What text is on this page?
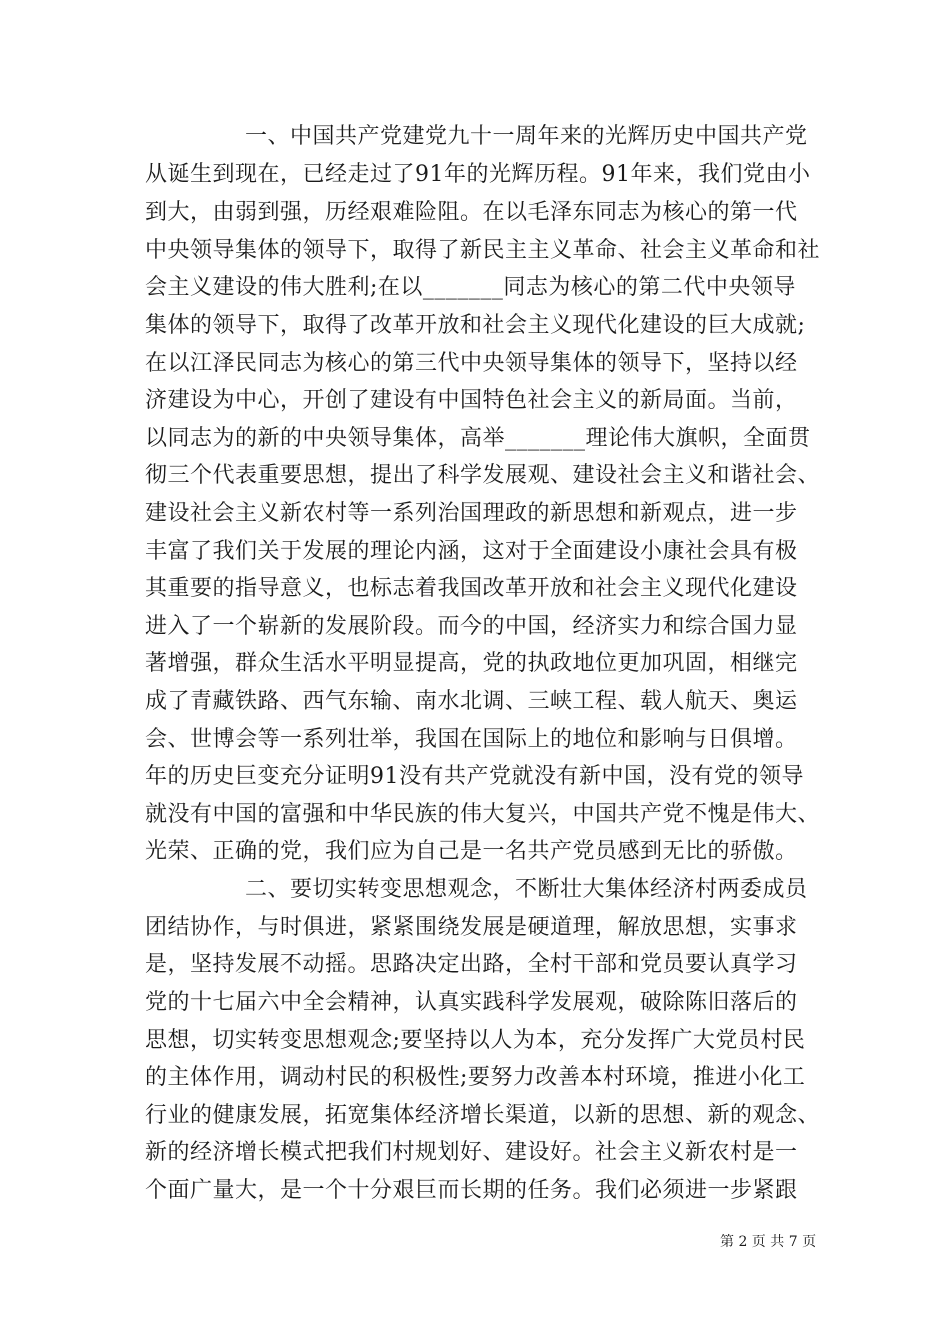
一、中国共产党建党九十一周年来的光辉历史中国共产党
从诞生到现在，已经走过了91年的光辉历程。91年来，我们党由小
到大，由弱到强，历经艰难险阻。在以毛泽东同志为核心的第一代
中央领导集体的领导下，取得了新民主主义革命、社会主义革命和社
会主义建设的伟大胜利;在以_______同志为核心的第二代中央领导
集体的领导下，取得了改革开放和社会主义现代化建设的巨大成就;
在以江泽民同志为核心的第三代中央领导集体的领导下，坚持以经
济建设为中心，开创了建设有中国特色社会主义的新局面。当前，
以同志为的新的中央领导集体，高举_______理论伟大旗帜，全面贯
彻三个代表重要思想，提出了科学发展观、建设社会主义和谐社会、
建设社会主义新农村等一系列治国理政的新思想和新观点，进一步
丰富了我们关于发展的理论内涵，这对于全面建设小康社会具有极
其重要的指导意义，也标志着我国改革开放和社会主义现代化建设
进入了一个崭新的发展阶段。而今的中国，经济实力和综合国力显
著增强，群众生活水平明显提高，党的执政地位更加巩固，相继完
成了青藏铁路、西气东输、南水北调、三峡工程、载人航天、奥运
会、世博会等一系列壮举，我国在国际上的地位和影响与日俱增。
年的历史巨变充分证明91没有共产党就没有新中国，没有党的领导
就没有中国的富强和中华民族的伟大复兴，中国共产党不愧是伟大、
光荣、正确的党，我们应为自己是一名共产党员感到无比的骄傲。
二、要切实转变思想观念，不断壮大集体经济村两委成员
团结协作，与时俱进，紧紧围绕发展是硬道理，解放思想，实事求
是，坚持发展不动摇。思路决定出路，全村干部和党员要认真学习
党的十七届六中全会精神，认真实践科学发展观，破除陈旧落后的
思想，切实转变思想观念;要坚持以人为本，充分发挥广大党员村民
的主体作用，调动村民的积极性;要努力改善本村环境，推进小化工
行业的健康发展，拓宽集体经济增长渠道，以新的思想、新的观念、
新的经济增长模式把我们村规划好、建设好。社会主义新农村是一
个面广量大，是一个十分艰巨而长期的任务。我们必须进一步紧跟
第 2 页 共 7 页
